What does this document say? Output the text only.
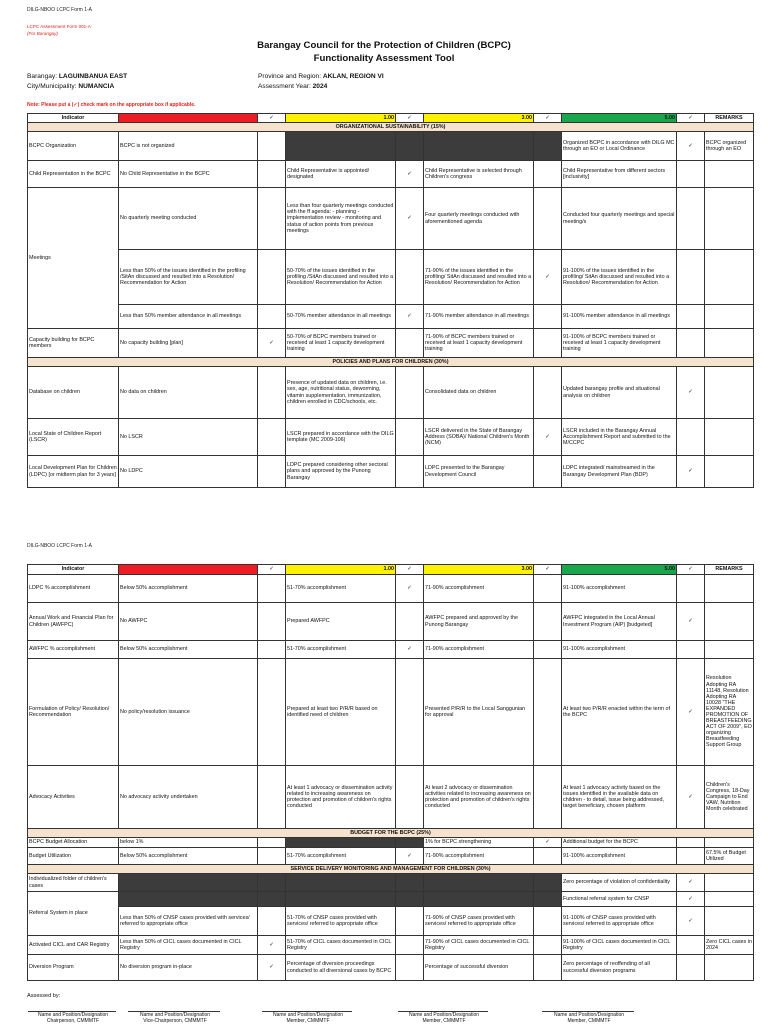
DILG-NBOO LCPC Form 1-A
LCPC Assessment Form 001-A
(For Barangay)
Barangay Council for the Protection of Children (BCPC)
Functionality Assessment Tool
Barangay: LAGUINBANUA EAST
City/Municipality: NUMANCIA
Province and Region: AKLAN, REGION VI
Assessment Year: 2024
Note: Please put a (✓) check mark on the appropriate box if applicable.
Indicator		✓	1.00	✓	3.00	✓	5.00	✓	REMARKS
ORGANIZATIONAL SUSTAINABILITY (15%)									
BCPC Organization	BCPC is not organized						Organized BCPC in accordance with DILG MC through an EO or Local Ordinance	✓	BCPC organized through an EO
Child Representation in the BCPC	No Child Representative in the BCPC		Child Representative is appointed/ designated	✓	Child Representative is selected through Children's congress		Child Representative from different sectors [inclusivity]		
Meetings	No quarterly meeting conducted		Less than four quarterly meetings conducted with the ff agenda: - planning - implementation review - monitoring and status of action points from previous meetings	✓	Four quarterly meetings conducted with aforementioned agenda		Conducted four quarterly meetings and special meeting/s		
	Less than 50% of the issues identified in the profiling /SitAn discussed and resulted into a Resolution/ Recommendation for Action		50-70% of the issues identified in the profiling /SitAn discussed and resulted into a Resolution/ Recommendation for Action		71-90% of the issues identified in the profiling/ SitAn discussed and resulted into a Resolution/ Recommendation for Action	✓	91-100% of the issues identified in the profiling/ SitAn discussed and resulted into a Resolution/ Recommendation for Action		
	Less than 50% member attendance in all meetings		50-70% member attendance in all meetings	✓	71-90% member attendance in all meetings		91-100% member attendance in all meetings		
Capacity building for BCPC members	No capacity building [plan]	✓	50-70% of BCPC members trained or received at least 1 capacity development training		71-90% of BCPC members trained or received at least 1 capacity development training		91-100% of BCPC members trained or received at least 1 capacity development training		
POLICIES AND PLANS FOR CHILDREN (30%)									
Database on children	No data on children		Presence of updated data on children, i.e. sex, age, nutritional status, deworming, vitamin supplementation, immunization, children enrolled in CDC/schools, etc.		Consolidated data on children		Updated barangay profile and situational analysis on children	✓	
Local State of Children Report (LSCR)	No LSCR		LSCR prepared in accordance with the DILG template (MC 2009-106)		LSCR delivered in the State of Barangay Address (SOBA)/ National Children's Month (NCM)	✓	LSCR included in the Barangay Annual Accomplishment Report and submitted to the M/CCPC		
Local Development Plan for Children (LDPC) [or midterm plan for 3 years]	No LDPC		LDPC prepared considering other sectoral plans and approved by the Punong Barangay		LDPC presented to the Barangay Development Council		LDPC integrated/ mainstreamed in the Barangay Development Plan (BDP)	✓	
DILG-NBOO LCPC Form 1-A
Indicator		✓	1.00	✓	3.00	✓	5.00	✓	REMARKS
LDPC % accomplishment	Below 50% accomplishment		51-70% accomplishment	✓	71-90% accomplishment		91-100% accomplishment		
Annual Work and Financial Plan for Children (AWFPC)	No AWFPC		Prepared AWFPC		AWFPC prepared and approved by the Punong Barangay		AWFPC integrated in the Local Annual Investment Program (AIP) [budgeted]	✓	
AWFPC % accomplishment	Below 50% accomplishment		51-70% accomplishment	✓	71-90% accomplishment		91-100% accomplishment		
Formulation of Policy/ Resolution/ Recommendation	No policy/resolution issuance		Prepared at least two P/R/R based on identified need of children		Presented P/R/R to the Local Sanggunian for approval		At least two P/R/R enacted within the term of the BCPC	✓	Resolution Adopting RA 11148, Resolution Adopting RA 10028 "THE EXPANDED PROMOTION OF BREASTFEEDING ACT OF 2009", EO organizing Breastfeeding Support Group
Advocacy Activities	No advocacy activity undertaken		At least 1 advocacy or dissemination activity related to increasing awareness on protection and promotion of children's rights conducted		At least 2 advocacy or dissemination activities related to increasing awareness on protection and promotion of children's rights conducted		At least 1 advocacy activity based on the issues identified in the available data on children - to detail, issue being addressed, target beneficiary, chosen platform	✓	Children's Congress, 18-Day Campaign to End VAW, Nutrition Month celebrated
BUDGET FOR THE BCPC (25%)									
BCPC Budget Allocation	below 1%				1% for BCPC strengthening	✓	Additional budget for the BCPC		
Budget Utilization	Below 50% accomplishment		51-70% accomplishment	✓	71-90% accomplishment		91-100% accomplishment		67.5% of Budget Utilized
SERVICE DELIVERY MONITORING AND MANAGEMENT FOR CHILDREN (30%)									
Individualized folder of children's cases							Zero percentage of violation of confidentiality	✓	
Referral System in place							Functional referral system for CNSP	✓	
	Less than 50% of CNSP cases provided with services/ referred to appropriate office		51-70% of CNSP cases provided with services/ referred to appropriate office		71-90% of CNSP cases provided with services/ referred to appropriate office		91-100% of CNSP cases provided with services/ referred to appropriate office	✓	
Activated CICL and CAR Registry	Less than 50% of CICL cases documented in CICL Registry	✓	51-70% of CICL cases documented in CICL Registry		71-90% of CICL cases documented in CICL Registry		91-100% of CICL cases documented in CICL Registry		Zero CICL cases in 2024
Diversion Program	No diversion program in-place	✓	Percentage of diversion proceedings conducted to all diversional cases by BCPC		Percentage of successful diversion		Zero percentage of reoffending of all successful diversion programs		
Assessed by:
Name and Position/Designation
Chairperson, CMMMTF
Name and Position/Designation
Vice-Chairperson, CMMMTF
Name and Position/Designation
Member, CMMMTF
Name and Position/Designation
Member, CMMMTF
Name and Position/Designation
Member, CMMMTF
